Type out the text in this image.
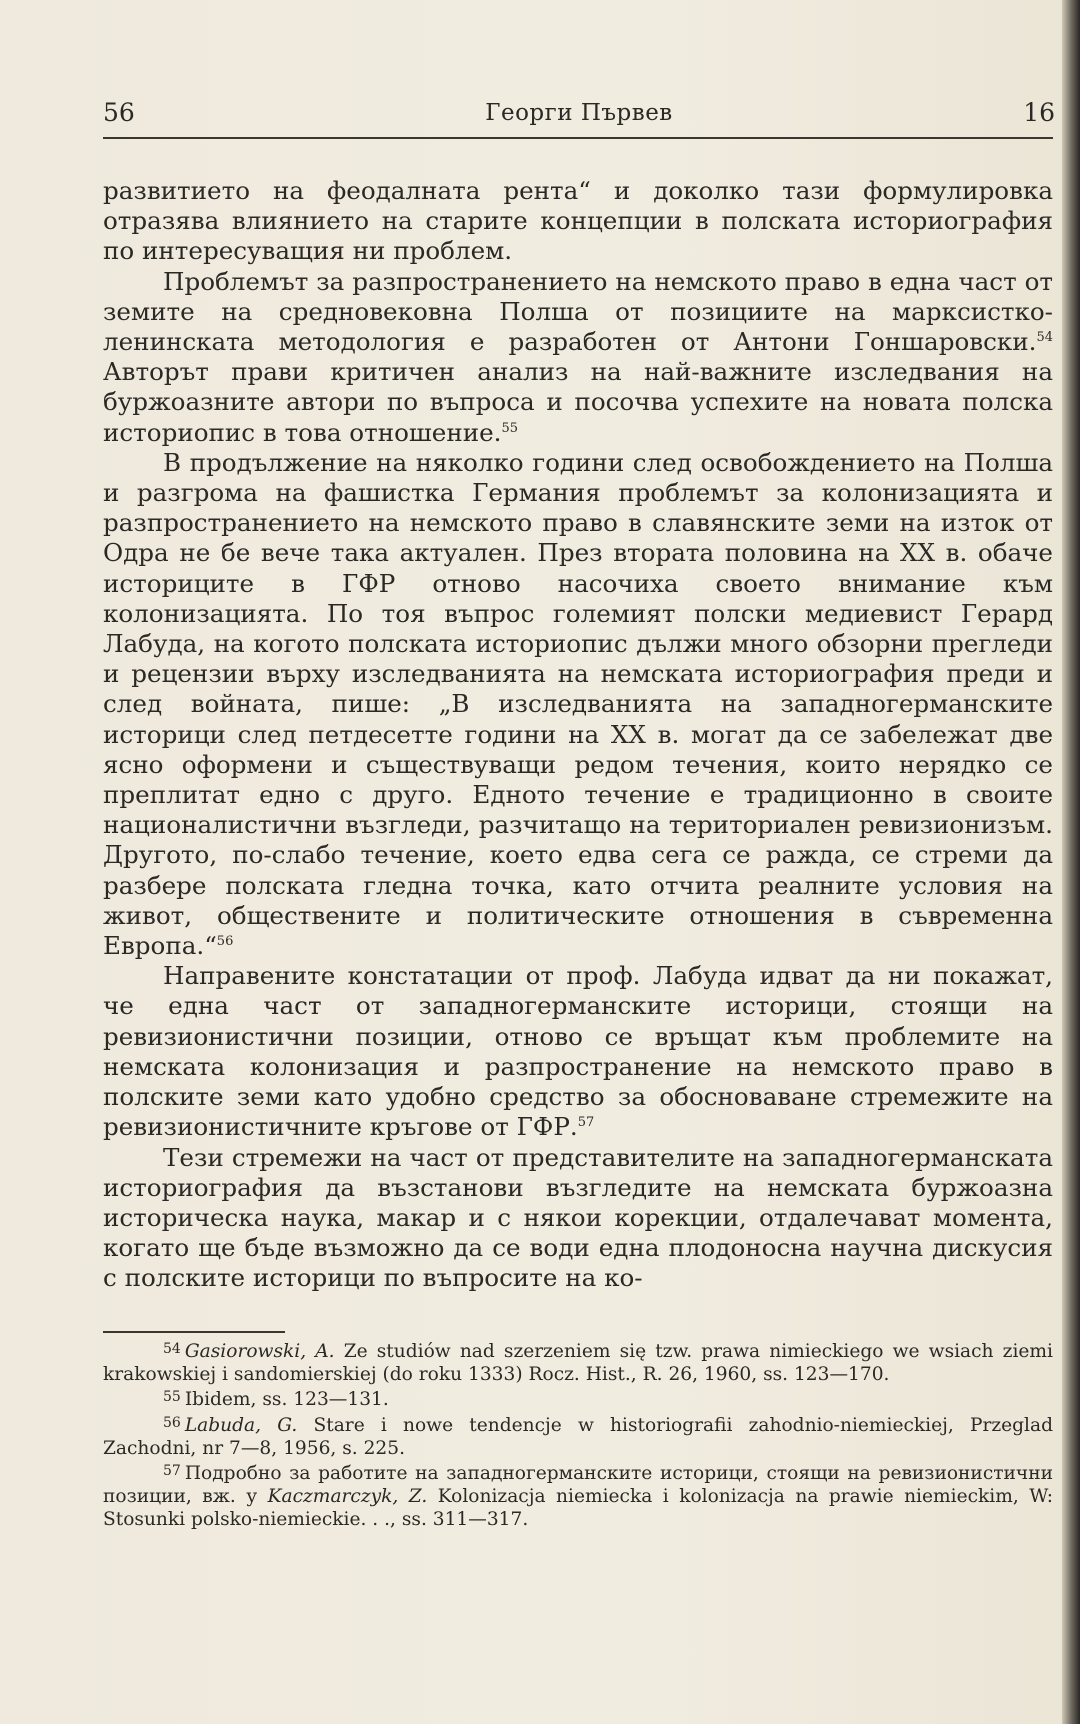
56	Георги Първев	16

развитието на феодалната рента“ и доколко тази формулировка отразява влиянието на старите концепции в полската историография по интересуващия ни проблем.

Проблемът за разпространението на немското право в една част от земите на средновековна Полша от позициите на марксистко-ленинската методология е разработен от Антони Гоншаровски.$^{54}$ Авторът прави критичен анализ на най-важните изследвания на буржоазните автори по въпроса и посочва успехите на новата полска историопис в това отношение.$^{55}$

В продължение на няколко години след освобождението на Полша и разгрома на фашистка Германия проблемът за колонизацията и разпространението на немското право в славянските земи на изток от Одра не бе вече така актуален. През втората половина на XX в. обаче историците в ГФР отново насочиха своето внимание към колонизацията. По тоя въпрос големият полски медиевист Герард Лабуда, на когото полската историопис дължи много обзорни прегледи и рецензии върху изследванията на немската историография преди и след войната, пише: „В изследванията на западногерманските историци след петдесетте години на XX в. могат да се забележат две ясно оформени и съществуващи редом течения, които нерядко се преплитат едно с друго. Едното течение е традиционно в своите националистични възгледи, разчитащо на териториален ревизионизъм. Другото, по-слабо течение, което едва сега се ражда, се стреми да разбере полската гледна точка, като отчита реалните условия на живот, обществените и политическите отношения в съвременна Европа.“$^{56}$

Направените констатации от проф. Лабуда идват да ни покажат, че една част от западногерманските историци, стоящи на ревизионистични позиции, отново се връщат към проблемите на немската колонизация и разпространение на немското право в полските земи като удобно средство за обосноваване стремежите на ревизионистичните кръгове от ГФР.$^{57}$

Тези стремежи на част от представителите на западногерманската историография да възстанови възгледите на немската буржоазна историческа наука, макар и с някои корекции, отдалечават момента, когато ще бъде възможно да се води една плодоносна научна дискусия с полските историци по въпросите на ко-

$^{54}$ Gasiorowski, A. Ze studiów nad szerzeniem się tzw. prawa nimieckiego we wsiach ziemi krakowskiej i sandomierskiej (do roku 1333) Rocz. Hist., R. 26, 1960, ss. 123—170.

$^{55}$ Ibidem, ss. 123—131.

$^{56}$ Labuda, G. Stare i nowe tendencje w historiografii zahodnio-niemieckiej, Przeglad Zachodni, nr 7—8, 1956, s. 225.

$^{57}$ Подробно за работите на западногерманските историци, стоящи на ревизионистични позиции, вж. у Kaczmarczyk, Z. Kolonizacja niemiecka i kolonizacja na prawie niemieckim, W: Stosunki polsko-niemieckie. . ., ss. 311—317.
